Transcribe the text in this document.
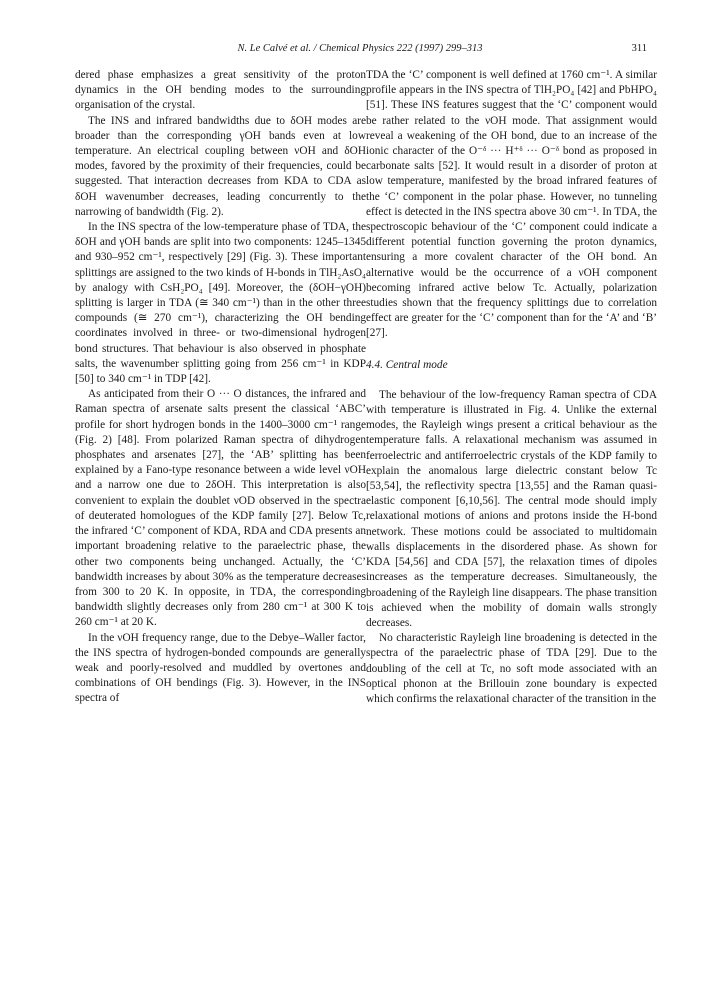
N. Le Calvé et al. / Chemical Physics 222 (1997) 299–313	311

dered phase emphasizes a great sensitivity of the proton dynamics in the OH bending modes to the surrounding organisation of the crystal.

The INS and infrared bandwidths due to δOH modes are broader than the corresponding γOH bands even at low temperature. An electrical coupling between νOH and δOH modes, favored by the proximity of their frequencies, could be suggested. That interaction decreases from KDA to CDA as δOH wavenumber decreases, leading concurrently to the narrowing of bandwidth (Fig. 2).

In the INS spectra of the low-temperature phase of TDA, the δOH and γOH bands are split into two components: 1245–1345 and 930–952 cm⁻¹, respectively [29] (Fig. 3). These important splittings are assigned to the two kinds of H-bonds in TlH₂AsO₄ by analogy with CsH₂PO₄ [49]. Moreover, the (δOH−γOH) splitting is larger in TDA (≅ 340 cm⁻¹) than in the other three compounds (≅ 270 cm⁻¹), characterizing the OH bending coordinates involved in three- or two-dimensional hydrogen bond structures. That behaviour is also observed in phosphate salts, the wavenumber splitting going from 256 cm⁻¹ in KDP [50] to 340 cm⁻¹ in TDP [42].

As anticipated from their O ··· O distances, the infrared and Raman spectra of arsenate salts present the classical ‘ABC’ profile for short hydrogen bonds in the 1400–3000 cm⁻¹ range (Fig. 2) [48]. From polarized Raman spectra of dihydrogen phosphates and arsenates [27], the ‘AB’ splitting has been explained by a Fano-type resonance between a wide level νOH and a narrow one due to 2δOH. This interpretation is also convenient to explain the doublet νOD observed in the spectra of deuterated homologues of the KDP family [27]. Below Tc, the infrared ‘C’ component of KDA, RDA and CDA presents an important broadening relative to the paraelectric phase, the other two components being unchanged. Actually, the ‘C’ bandwidth increases by about 30% as the temperature decreases from 300 to 20 K. In opposite, in TDA, the corresponding bandwidth slightly decreases only from 280 cm⁻¹ at 300 K to 260 cm⁻¹ at 20 K.

In the νOH frequency range, due to the Debye–Waller factor, the INS spectra of hydrogen-bonded compounds are generally weak and poorly-resolved and muddled by overtones and combinations of OH bendings (Fig. 3). However, in the INS spectra of

TDA the ‘C’ component is well defined at 1760 cm⁻¹. A similar profile appears in the INS spectra of TlH₂PO₄ [42] and PbHPO₄ [51]. These INS features suggest that the ‘C’ component would be rather related to the νOH mode. That assignment would reveal a weakening of the OH bond, due to an increase of the ionic character of the O⁻ᵟ ··· H⁺ᵟ ··· O⁻ᵟ bond as proposed in carbonate salts [52]. It would result in a disorder of proton at low temperature, manifested by the broad infrared features of the ‘C’ component in the polar phase. However, no tunneling effect is detected in the INS spectra above 30 cm⁻¹. In TDA, the spectroscopic behaviour of the ‘C’ component could indicate a different potential function governing the proton dynamics, ensuring a more covalent character of the OH bond. An alternative would be the occurrence of a νOH component becoming infrared active below Tc. Actually, polarization studies shown that the frequency splittings due to correlation effect are greater for the ‘C’ component than for the ‘A’ and ‘B’ [27].

4.4. Central mode

The behaviour of the low-frequency Raman spectra of CDA with temperature is illustrated in Fig. 4. Unlike the external modes, the Rayleigh wings present a critical behaviour as the temperature falls. A relaxational mechanism was assumed in ferroelectric and antiferroelectric crystals of the KDP family to explain the anomalous large dielectric constant below Tc [53,54], the reflectivity spectra [13,55] and the Raman quasi-elastic component [6,10,56]. The central mode should imply relaxational motions of anions and protons inside the H-bond network. These motions could be associated to multidomain walls displacements in the disordered phase. As shown for KDA [54,56] and CDA [57], the relaxation times of dipoles increases as the temperature decreases. Simultaneously, the broadening of the Rayleigh line disappears. The phase transition is achieved when the mobility of domain walls strongly decreases.

No characteristic Rayleigh line broadening is detected in the spectra of the paraelectric phase of TDA [29]. Due to the doubling of the cell at Tc, no soft mode associated with an optical phonon at the Brillouin zone boundary is expected which confirms the relaxational character of the transition in the
